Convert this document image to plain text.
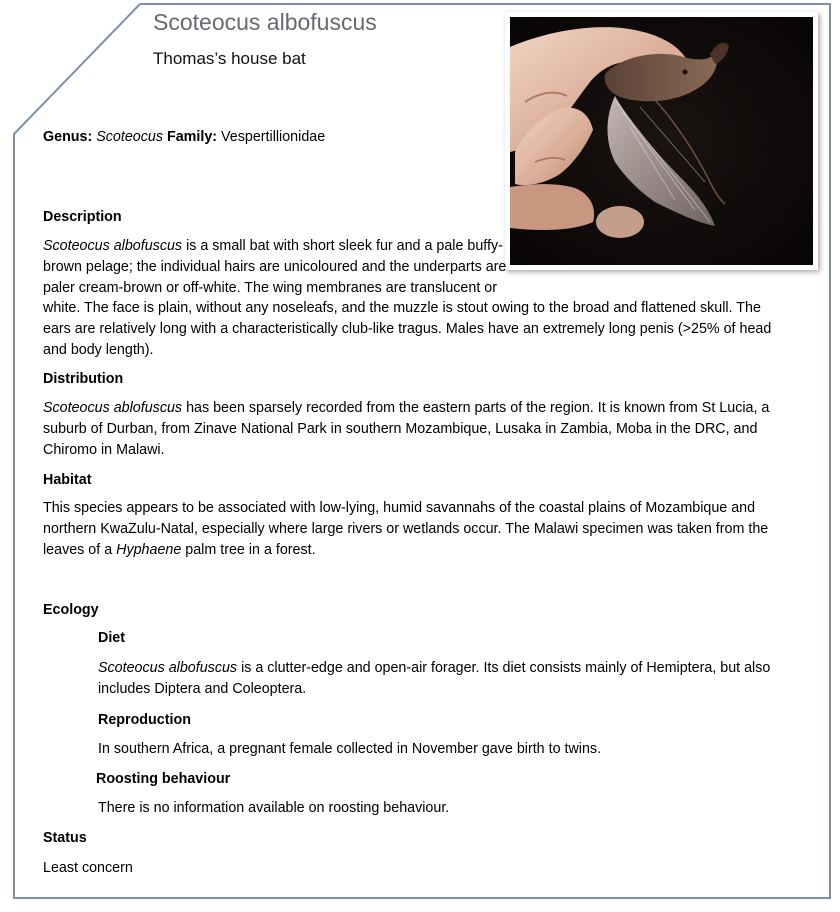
Scoteocus albofuscus
Thomas’s house bat
Genus: Scoteocus Family: Vespertillionidae
Description
Scoteocus albofuscus is a small bat with short sleek fur and a pale buffy-brown pelage; the individual hairs are unicoloured and the underparts are paler cream-brown or off-white. The wing membranes are translucent or white. The face is plain, without any noseleafs, and the muzzle is stout owing to the broad and flattened skull. The ears are relatively long with a characteristically club-like tragus. Males have an extremely long penis (>25% of head and body length).
Distribution
Scoteocus ablofuscus has been sparsely recorded from the eastern parts of the region. It is known from St Lucia, a suburb of Durban, from Zinave National Park in southern Mozambique, Lusaka in Zambia, Moba in the DRC, and Chiromo in Malawi.
Habitat
This species appears to be associated with low-lying, humid savannahs of the coastal plains of Mozambique and northern KwaZulu-Natal, especially where large rivers or wetlands occur. The Malawi specimen was taken from the leaves of a Hyphaene palm tree in a forest.
Ecology
Diet
Scoteocus albofuscus is a clutter-edge and open-air forager. Its diet consists mainly of Hemiptera, but also includes Diptera and Coleoptera.
Reproduction
In southern Africa, a pregnant female collected in November gave birth to twins.
Roosting behaviour
There is no information available on roosting behaviour.
Status
Least concern
